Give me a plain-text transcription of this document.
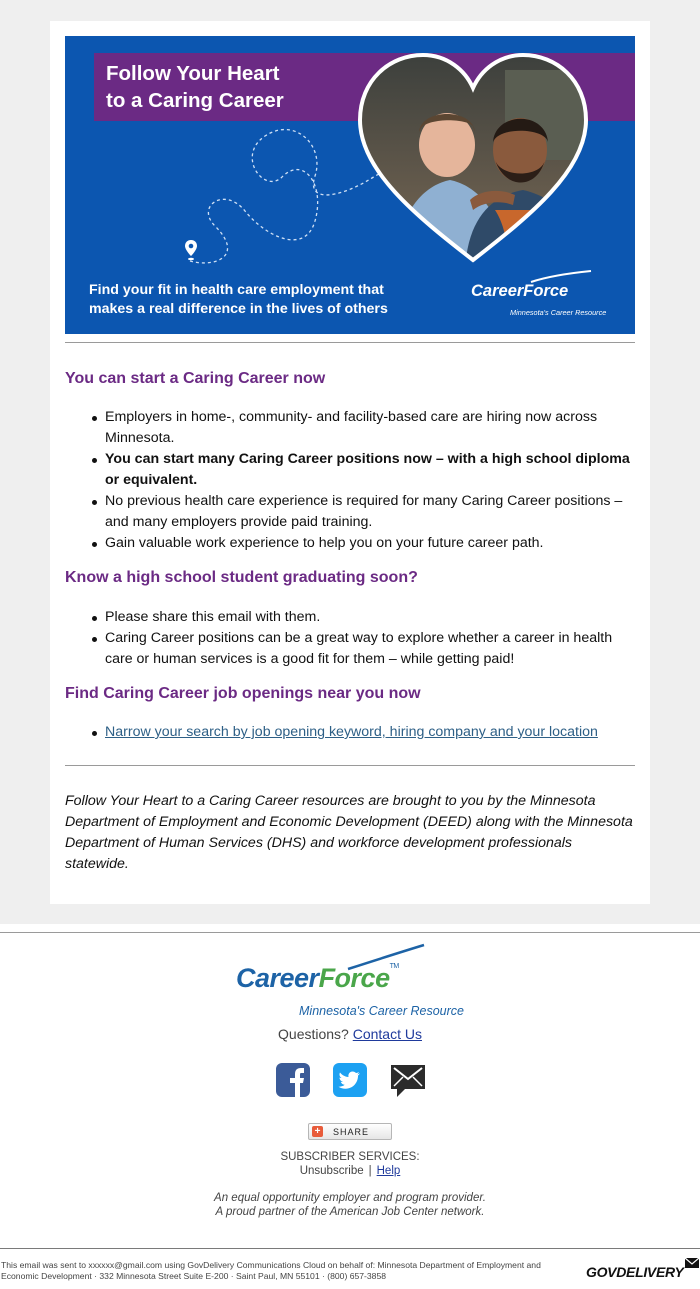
Follow Your Heart
to a Caring Career
Find your fit in health care employment that
makes a real difference in the lives of others
CareerForce
Minnesota's Career Resource
You can start a Caring Career now
Employers in home-, community- and facility-based care are hiring now across Minnesota.
You can start many Caring Career positions now – with a high school diploma or equivalent.
No previous health care experience is required for many Caring Career positions – and many employers provide paid training.
Gain valuable work experience to help you on your future career path.
Know a high school student graduating soon?
Please share this email with them.
Caring Career positions can be a great way to explore whether a career in health care or human services is a good fit for them – while getting paid!
Find Caring Career job openings near you now
Narrow your search by job opening keyword, hiring company and your location
Follow Your Heart to a Caring Career resources are brought to you by the Minnesota Department of Employment and Economic Development (DEED) along with the Minnesota Department of Human Services (DHS) and workforce development professionals statewide.
CareerForce™
Minnesota's Career Resource
Questions? Contact Us
+ SHARE
SUBSCRIBER SERVICES:
Unsubscribe | Help
An equal opportunity employer and program provider.
A proud partner of the American Job Center network.
This email was sent to xxxxxx@gmail.com using GovDelivery Communications Cloud on behalf of: Minnesota Department of Employment and Economic Development · 332 Minnesota Street Suite E-200 · Saint Paul, MN 55101 · (800) 657-3858	GOVDELIVERY
